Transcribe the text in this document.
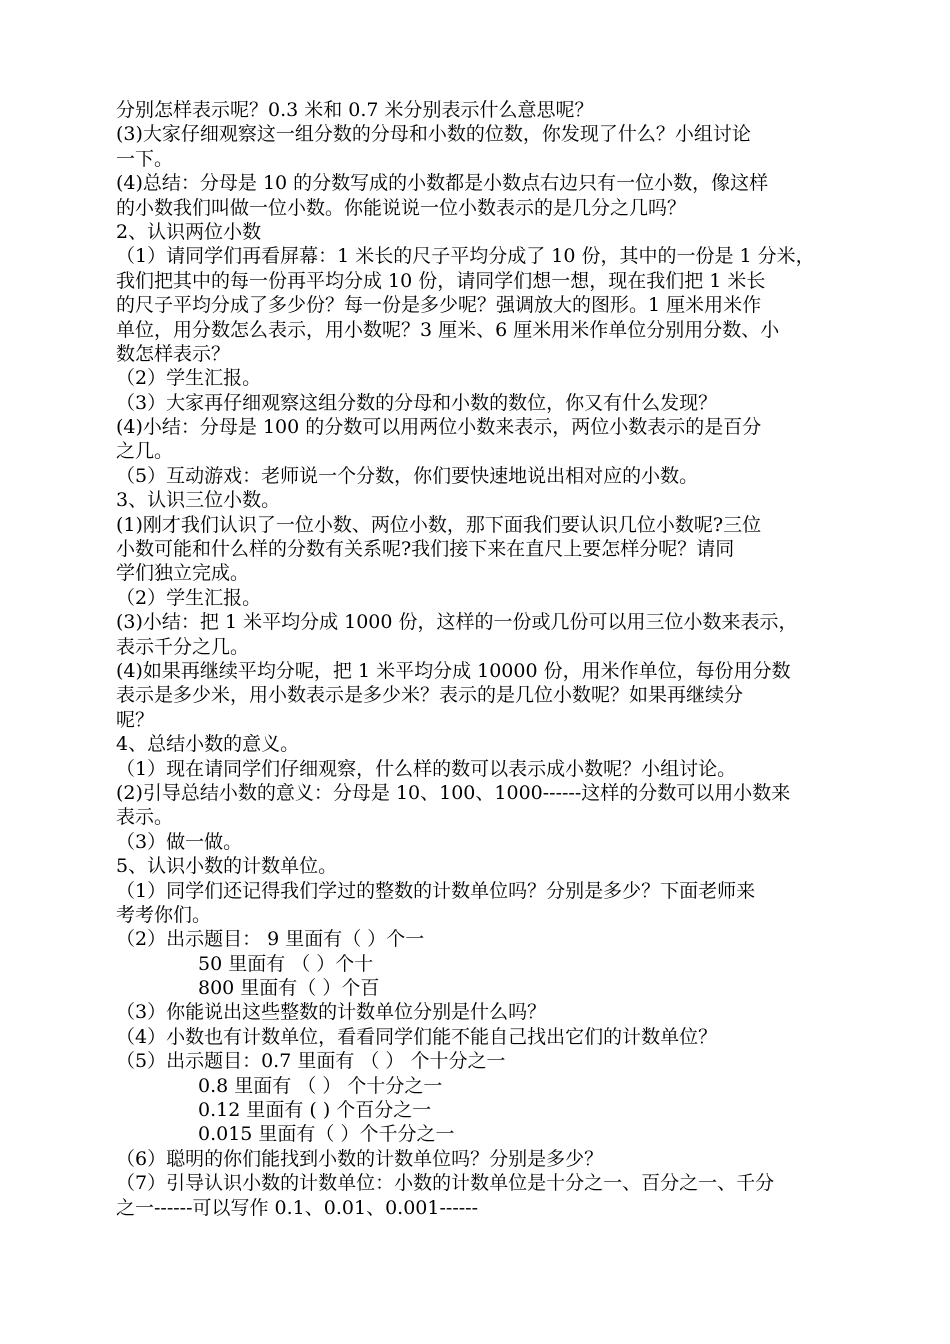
分别怎样表示呢？0.3 米和 0.7 米分别表示什么意思呢？
(3)大家仔细观察这一组分数的分母和小数的位数，你发现了什么？小组讨论
一下。
(4)总结：分母是 10 的分数写成的小数都是小数点右边只有一位小数，像这样
的小数我们叫做一位小数。你能说说一位小数表示的是几分之几吗？
2、认识两位小数
（1）请同学们再看屏幕：1 米长的尺子平均分成了 10 份，其中的一份是 1 分米，
我们把其中的每一份再平均分成 10 份，请同学们想一想，现在我们把 1 米长
的尺子平均分成了多少份？每一份是多少呢？强调放大的图形。1 厘米用米作
单位，用分数怎么表示，用小数呢？3 厘米、6 厘米用米作单位分别用分数、小
数怎样表示？
（2）学生汇报。
（3）大家再仔细观察这组分数的分母和小数的数位，你又有什么发现？
(4)小结：分母是 100 的分数可以用两位小数来表示，两位小数表示的是百分
之几。
（5）互动游戏：老师说一个分数，你们要快速地说出相对应的小数。
3、认识三位小数。
(1)刚才我们认识了一位小数、两位小数，那下面我们要认识几位小数呢?三位
小数可能和什么样的分数有关系呢?我们接下来在直尺上要怎样分呢？请同
学们独立完成。
（2）学生汇报。
(3)小结：把 1 米平均分成 1000 份，这样的一份或几份可以用三位小数来表示，
表示千分之几。
(4)如果再继续平均分呢，把 1 米平均分成 10000 份，用米作单位，每份用分数
表示是多少米，用小数表示是多少米？表示的是几位小数呢？如果再继续分
呢？
4、总结小数的意义。
（1）现在请同学们仔细观察，什么样的数可以表示成小数呢？小组讨论。
(2)引导总结小数的意义：分母是 10、100、1000------这样的分数可以用小数来
表示。
（3）做一做。
5、认识小数的计数单位。
（1）同学们还记得我们学过的整数的计数单位吗？分别是多少？下面老师来
考考你们。
（2）出示题目： 9 里面有（ ）个一
50 里面有 （ ）个十
800 里面有（ ）个百
（3）你能说出这些整数的计数单位分别是什么吗？
（4）小数也有计数单位，看看同学们能不能自己找出它们的计数单位？
（5）出示题目：0.7 里面有 （ ） 个十分之一
0.8 里面有 （ ） 个十分之一
0.12 里面有 ( ) 个百分之一
0.015 里面有（ ）个千分之一
（6）聪明的你们能找到小数的计数单位吗？分别是多少？
（7）引导认识小数的计数单位：小数的计数单位是十分之一、百分之一、千分
之一------可以写作 0.1、0.01、0.001------
